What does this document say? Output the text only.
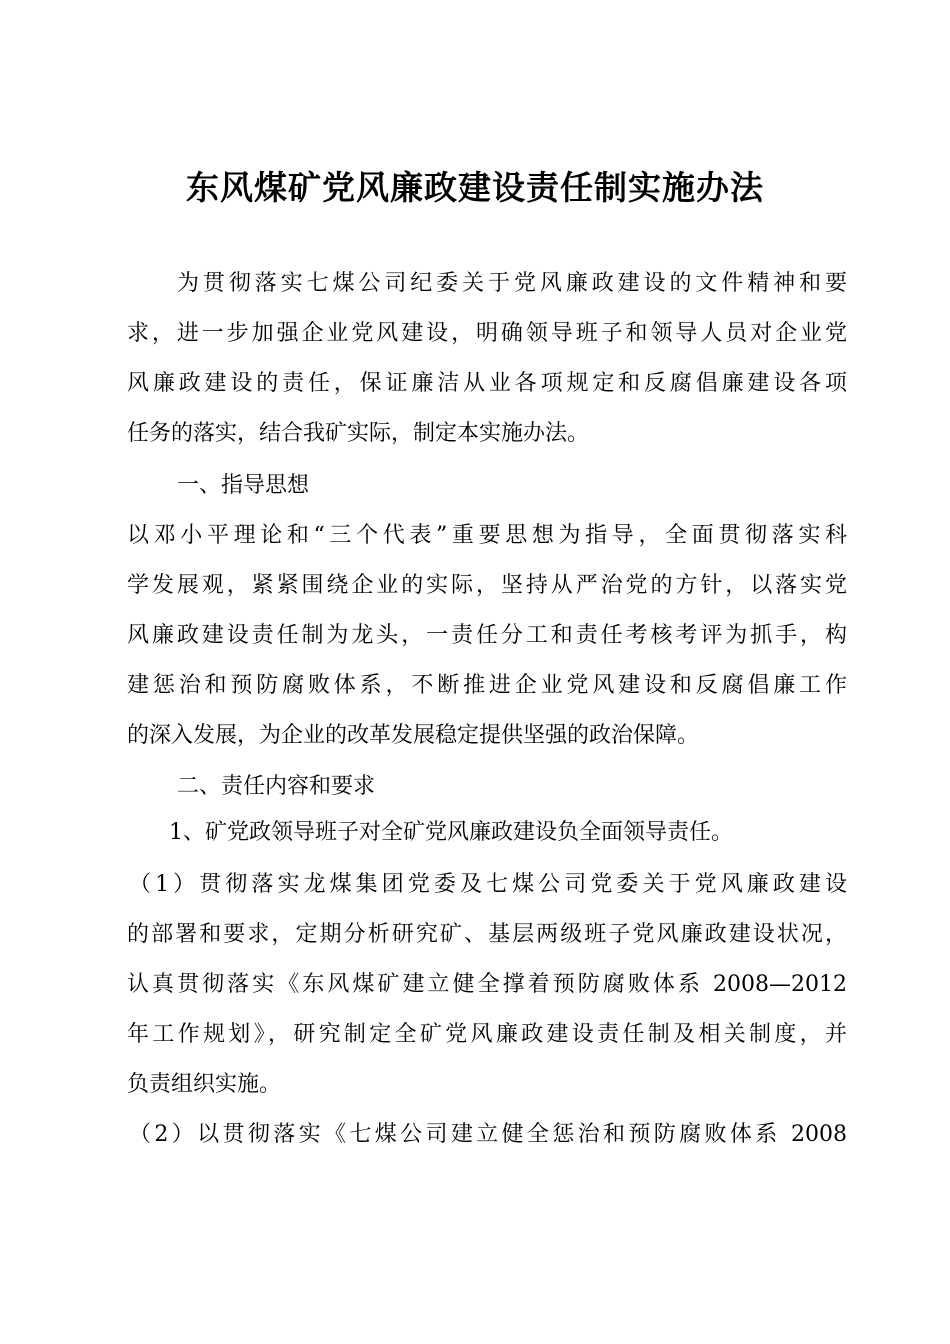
东风煤矿党风廉政建设责任制实施办法
为贯彻落实七煤公司纪委关于党风廉政建设的文件精神和要
求，进一步加强企业党风建设，明确领导班子和领导人员对企业党
风廉政建设的责任，保证廉洁从业各项规定和反腐倡廉建设各项
任务的落实，结合我矿实际，制定本实施办法。
一、指导思想
以邓小平理论和“三个代表”重要思想为指导，全面贯彻落实科
学发展观，紧紧围绕企业的实际，坚持从严治党的方针，以落实党
风廉政建设责任制为龙头，一责任分工和责任考核考评为抓手，构
建惩治和预防腐败体系，不断推进企业党风建设和反腐倡廉工作
的深入发展，为企业的改革发展稳定提供坚强的政治保障。
二、责任内容和要求
1、矿党政领导班子对全矿党风廉政建设负全面领导责任。
（1）贯彻落实龙煤集团党委及七煤公司党委关于党风廉政建设
的部署和要求，定期分析研究矿、基层两级班子党风廉政建设状况，
认真贯彻落实《东风煤矿建立健全撑着预防腐败体系 2008—2012
年工作规划》，研究制定全矿党风廉政建设责任制及相关制度，并
负责组织实施。
（2）以贯彻落实《七煤公司建立健全惩治和预防腐败体系 2008
